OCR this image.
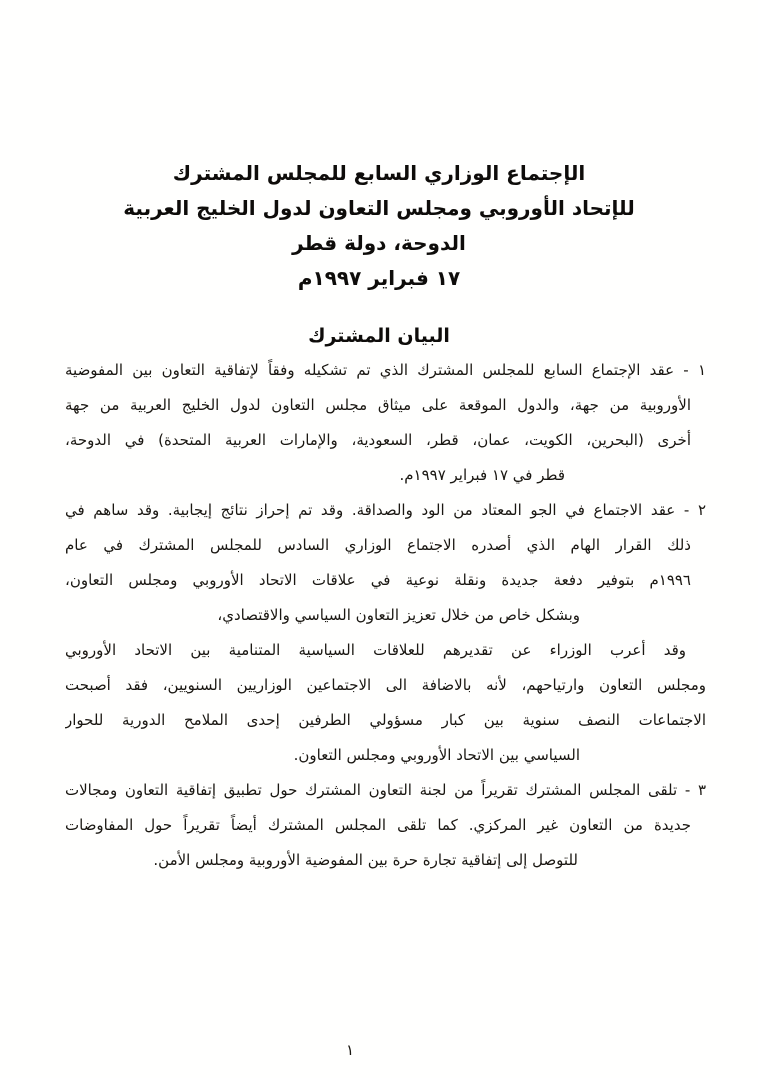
الإجتماع الوزاري السابع للمجلس المشترك
للإتحاد الأوروبي ومجلس التعاون لدول الخليج العربية
الدوحة، دولة قطر
١٧ فبراير ١٩٩٧م
البيان المشترك
١ - عقد الإجتماع السابع للمجلس المشترك الذي تم تشكيله وفقاً لإتفاقية التعاون بين المفوضية
الأوروبية من جهة، والدول الموقعة على ميثاق مجلس التعاون لدول الخليج العربية من جهة
أخرى (البحرين، الكويت، عمان، قطر، السعودية، والإمارات العربية المتحدة) في الدوحة،
قطر في ١٧ فبراير ١٩٩٧م.
٢ - عقد الاجتماع في الجو المعتاد من الود والصداقة. وقد تم إحراز نتائج إيجابية. وقد ساهم في
ذلك القرار الهام الذي أصدره الاجتماع الوزاري السادس للمجلس المشترك في عام
١٩٩٦م بتوفير دفعة جديدة ونقلة نوعية في علاقات الاتحاد الأوروبي ومجلس التعاون،
وبشكل خاص من خلال تعزيز التعاون السياسي والاقتصادي،
وقد أعرب الوزراء عن تقديرهم للعلاقات السياسية المتنامية بين الاتحاد الأوروبي
ومجلس التعاون وارتياحهم، لأنه بالاضافة الى الاجتماعين الوزاريين السنويين، فقد أصبحت
الاجتماعات النصف سنوية بين كبار مسؤولي الطرفين إحدى الملامح الدورية للحوار
السياسي بين الاتحاد الأوروبي ومجلس التعاون.
٣ - تلقى المجلس المشترك تقريراً من لجنة التعاون المشترك حول تطبيق إتفاقية التعاون ومجالات
جديدة من التعاون غير المركزي. كما تلقى المجلس المشترك أيضاً تقريراً حول المفاوضات
للتوصل إلى إتفاقية تجارة حرة بين المفوضية الأوروبية ومجلس الأمن.
١
